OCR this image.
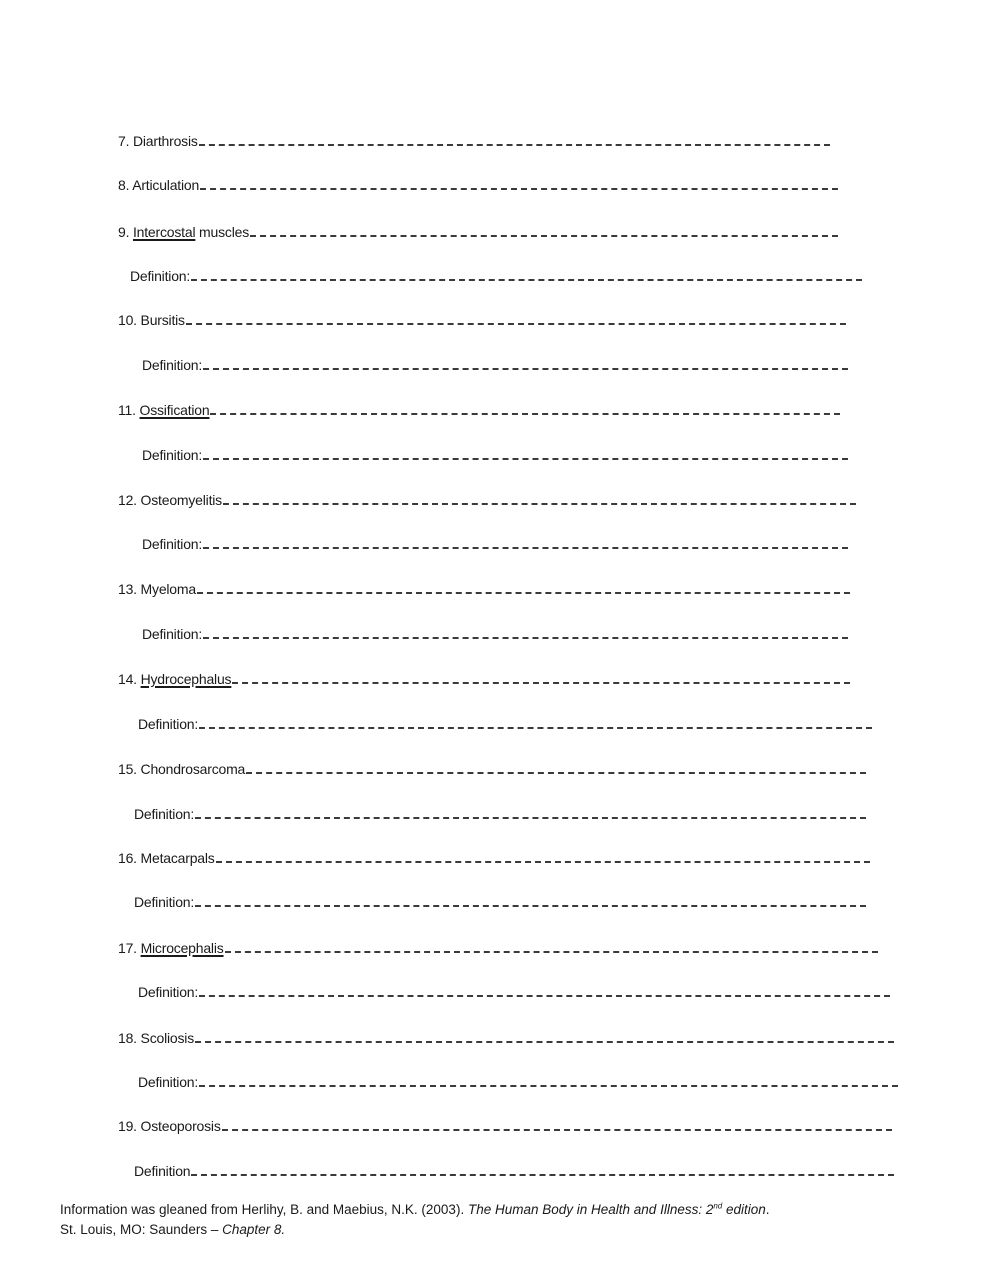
7. Diarthrosis
8. Articulation
9. Intercostal muscles
Definition:
10. Bursitis
Definition:
11. Ossification
Definition:
12. Osteomyelitis
Definition:
13. Myeloma
Definition:
14. Hydrocephalus
Definition:
15. Chondrosarcoma
Definition:
16. Metacarpals
Definition:
17. Microcephalis
Definition:
18. Scoliosis
Definition:
19. Osteoporosis
Definition
Information was gleaned from Herlihy, B. and Maebius, N.K. (2003). The Human Body in Health and Illness: 2nd edition.
St. Louis, MO: Saunders – Chapter 8.
